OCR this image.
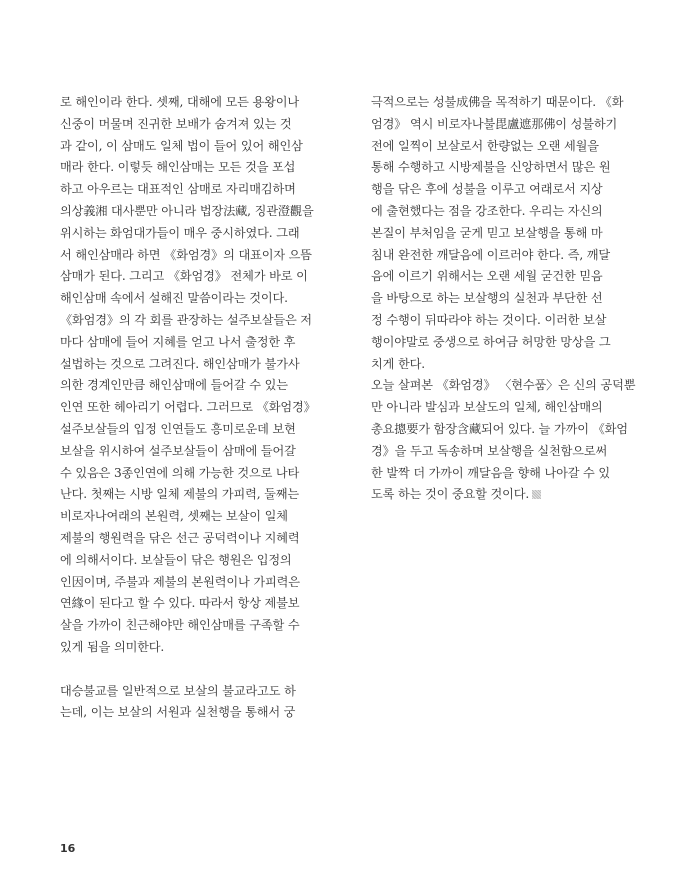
로 해인이라 한다. 셋째, 대해에 모든 용왕이나
신중이 머물며 진귀한 보배가 숨겨져 있는 것
과 같이, 이 삼매도 일체 법이 들어 있어 해인삼
매라 한다. 이렇듯 해인삼매는 모든 것을 포섭
하고 아우르는 대표적인 삼매로 자리매김하며
의상義湘 대사뿐만 아니라 법장法藏, 징관澄觀을
위시하는 화엄대가들이 매우 중시하였다. 그래
서 해인삼매라 하면 《화엄경》의 대표이자 으뜸
삼매가 된다. 그리고 《화엄경》 전체가 바로 이
해인삼매 속에서 설해진 말씀이라는 것이다.
《화엄경》의 각 회를 관장하는 설주보살들은 저
마다 삼매에 들어 지혜를 얻고 나서 출정한 후
설법하는 것으로 그려진다. 해인삼매가 불가사
의한 경계인만큼 해인삼매에 들어갈 수 있는
인연 또한 헤아리기 어렵다. 그러므로 《화엄경》
설주보살들의 입정 인연들도 흥미로운데 보현
보살을 위시하여 설주보살들이 삼매에 들어갈
수 있음은 3종인연에 의해 가능한 것으로 나타
난다. 첫째는 시방 일체 제불의 가피력, 둘째는
비로자나여래의 본원력, 셋째는 보살이 일체
제불의 행원력을 닦은 선근 공덕력이나 지혜력
에 의해서이다. 보살들이 닦은 행원은 입정의
인因이며, 주불과 제불의 본원력이나 가피력은
연緣이 된다고 할 수 있다. 따라서 항상 제불보
살을 가까이 친근해야만 해인삼매를 구족할 수
있게 됨을 의미한다.
대승불교를 일반적으로 보살의 불교라고도 하
는데, 이는 보살의 서원과 실천행을 통해서 궁
극적으로는 성불成佛을 목적하기 때문이다. 《화
엄경》 역시 비로자나불毘盧遮那佛이 성불하기
전에 일찍이 보살로서 한량없는 오랜 세월을
통해 수행하고 시방제불을 신앙하면서 많은 원
행을 닦은 후에 성불을 이루고 여래로서 지상
에 출현했다는 점을 강조한다. 우리는 자신의
본질이 부처임을 굳게 믿고 보살행을 통해 마
침내 완전한 깨달음에 이르러야 한다. 즉, 깨달
음에 이르기 위해서는 오랜 세월 굳건한 믿음
을 바탕으로 하는 보살행의 실천과 부단한 선
정 수행이 뒤따라야 하는 것이다. 이러한 보살
행이야말로 중생으로 하여금 허망한 망상을 그
치게 한다.
오늘 살펴본 《화엄경》 〈현수품〉은 신의 공덕뿐
만 아니라 발심과 보살도의 일체, 해인삼매의
총요摠要가 함장含藏되어 있다. 늘 가까이 《화엄
경》을 두고 독송하며 보살행을 실천함으로써
한 발짝 더 가까이 깨달음을 향해 나아갈 수 있
도록 하는 것이 중요할 것이다.
16
